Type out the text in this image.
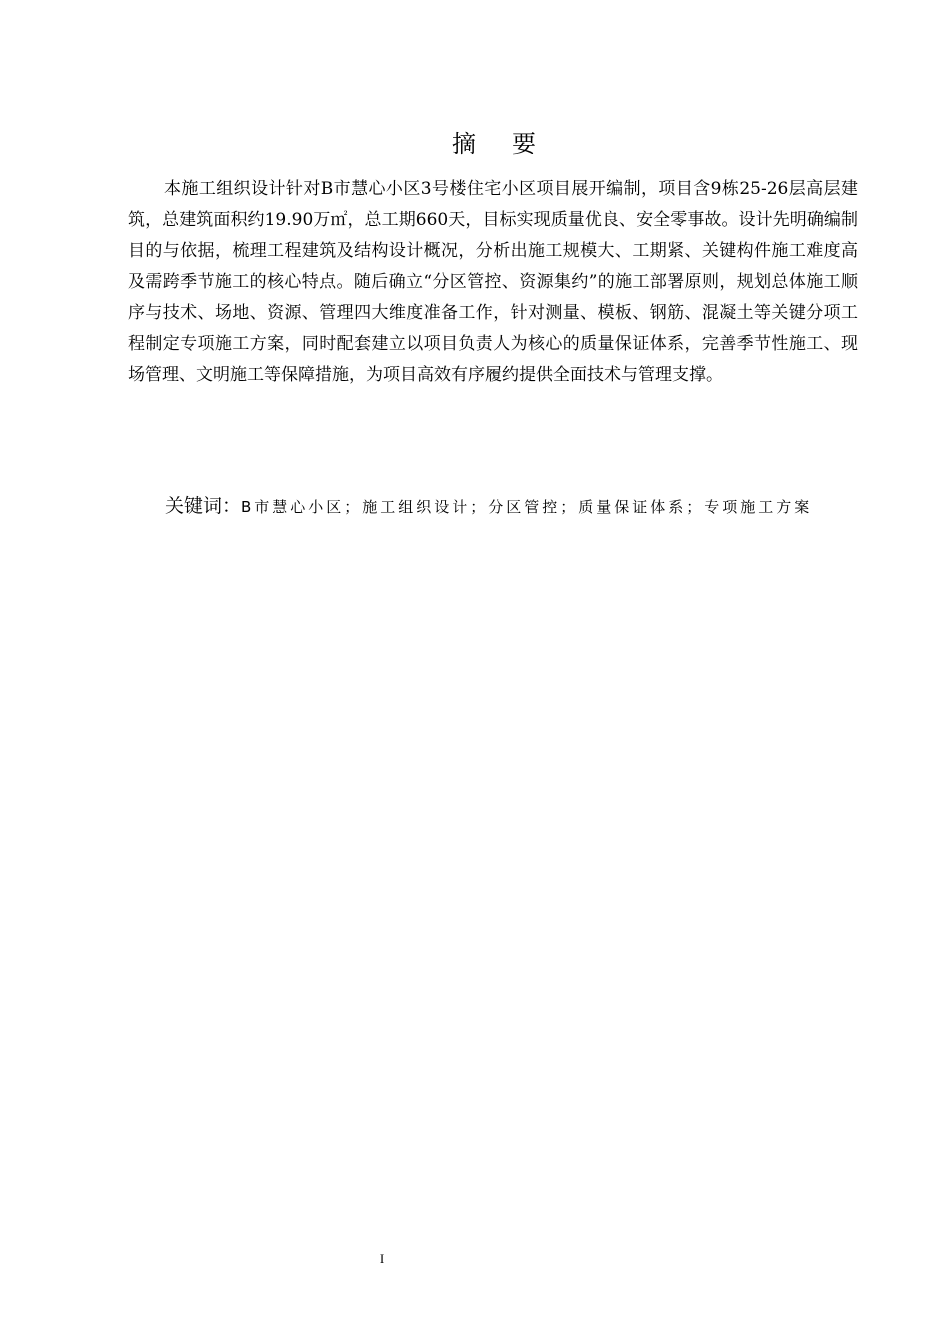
摘 要

本施工组织设计针对B市慧心小区3号楼住宅小区项目展开编制，项目含9栋25-26层高层建筑，总建筑面积约19.90万㎡，总工期660天，目标实现质量优良、安全零事故。设计先明确编制目的与依据，梳理工程建筑及结构设计概况，分析出施工规模大、工期紧、关键构件施工难度高及需跨季节施工的核心特点。随后确立“分区管控、资源集约”的施工部署原则，规划总体施工顺序与技术、场地、资源、管理四大维度准备工作，针对测量、模板、钢筋、混凝土等关键分项工程制定专项施工方案，同时配套建立以项目负责人为核心的质量保证体系，完善季节性施工、现场管理、文明施工等保障措施，为项目高效有序履约提供全面技术与管理支撑。

关键词：B市慧心小区；施工组织设计；分区管控；质量保证体系；专项施工方案
I
